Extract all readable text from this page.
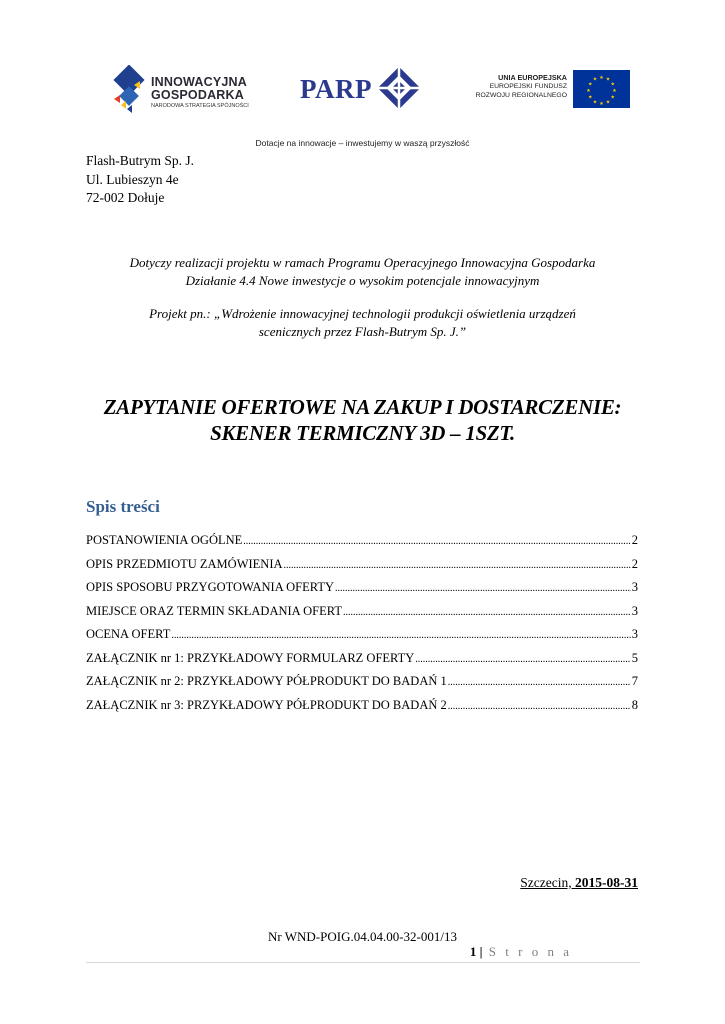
INNOWACYJNA
GOSPODARKA
NARODOWA STRATEGIA SPÓJNOŚCI
PARP	UNIA EUROPEJSKA
EUROPEJSKI FUNDUSZ
ROZWOJU REGIONALNEGO
★ ★
★
★
★
★
★
★
★
★
★
★
Dotacje na innowacje – inwestujemy w waszą przyszłość
Flash-Butrym Sp. J.
Ul. Lubieszyn 4e
72-002 Dołuje

Dotyczy realizacji projektu w ramach Programu Operacyjnego Innowacyjna Gospodarka

Działanie 4.4 Nowe inwestycje o wysokim potencjale innowacyjnym

Projekt pn.: „Wdrożenie innowacyjnej technologii produkcji oświetlenia urządzeń

scenicznych przez Flash-Butrym Sp. J.”

ZAPYTANIE OFERTOWE NA ZAKUP I DOSTARCZENIE:
SKENER TERMICZNY 3D – 1SZT.
Spis treści
POSTANOWIENIA OGÓLNE .....	2
OPIS PRZEDMIOTU ZAMÓWIENIA .....	2
OPIS SPOSOBU PRZYGOTOWANIA OFERTY .....	3
MIEJSCE ORAZ TERMIN SKŁADANIA OFERT .....	3
OCENA OFERT .....	3
ZAŁĄCZNIK nr 1: PRZYKŁADOWY FORMULARZ OFERTY .....	5
ZAŁĄCZNIK nr 2: PRZYKŁADOWY PÓŁPRODUKT DO BADAŃ 1 .....	7
ZAŁĄCZNIK nr 3: PRZYKŁADOWY PÓŁPRODUKT DO BADAŃ 2 .....	8
Szczecin, 2015-08-31
Nr WND-POIG.04.04.00-32-001/13
1 | S t r o n a
